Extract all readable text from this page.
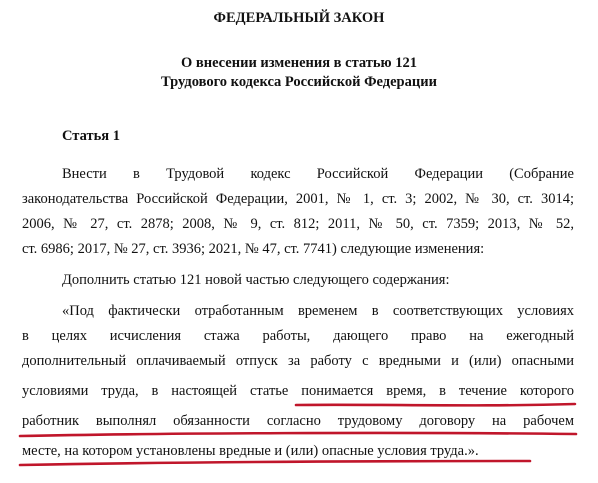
ФЕДЕРАЛЬНЫЙ ЗАКОН
О внесении изменения в статью 121
Трудового кодекса Российской Федерации
Статья 1
Внести в Трудовой кодекс Российской Федерации (Собрание
законодательства Российской Федерации, 2001, № 1, ст. 3; 2002, № 30, ст. 3014;
2006, № 27, ст. 2878; 2008, № 9, ст. 812; 2011, № 50, ст. 7359; 2013, № 52,
ст. 6986; 2017, № 27, ст. 3936; 2021, № 47, ст. 7741) следующие изменения:
Дополнить статью 121 новой частью следующего содержания:
«Под фактически отработанным временем в соответствующих условиях
в целях исчисления стажа работы, дающего право на ежегодный
дополнительный оплачиваемый отпуск за работу с вредными и (или) опасными
условиями труда, в настоящей статье понимается время, в течение которого
работник выполнял обязанности согласно трудовому договору на рабочем
месте, на котором установлены вредные и (или) опасные условия труда.».
